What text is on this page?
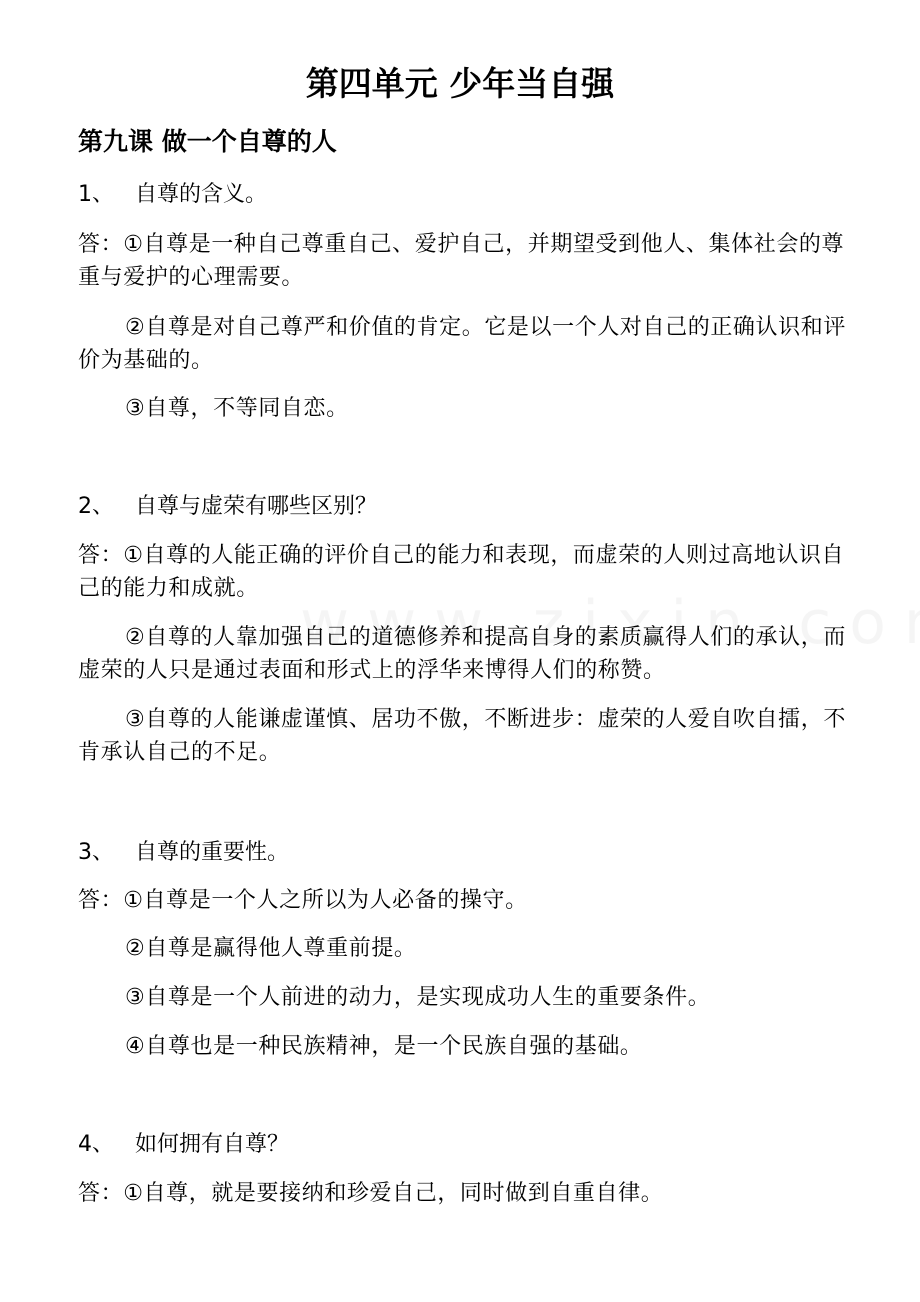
第四单元 少年当自强
第九课 做一个自尊的人
1、 自尊的含义。
答：①自尊是一种自己尊重自己、爱护自己，并期望受到他人、集体社会的尊重与爱护的心理需要。
②自尊是对自己尊严和价值的肯定。它是以一个人对自己的正确认识和评价为基础的。
③自尊，不等同自恋。
2、 自尊与虚荣有哪些区别？
答：①自尊的人能正确的评价自己的能力和表现，而虚荣的人则过高地认识自己的能力和成就。
②自尊的人靠加强自己的道德修养和提高自身的素质赢得人们的承认，而虚荣的人只是通过表面和形式上的浮华来博得人们的称赞。
③自尊的人能谦虚谨慎、居功不傲，不断进步：虚荣的人爱自吹自擂，不肯承认自己的不足。
3、 自尊的重要性。
答：①自尊是一个人之所以为人必备的操守。
②自尊是赢得他人尊重前提。
③自尊是一个人前进的动力，是实现成功人生的重要条件。
④自尊也是一种民族精神，是一个民族自强的基础。
4、 如何拥有自尊？
答：①自尊，就是要接纳和珍爱自己，同时做到自重自律。
